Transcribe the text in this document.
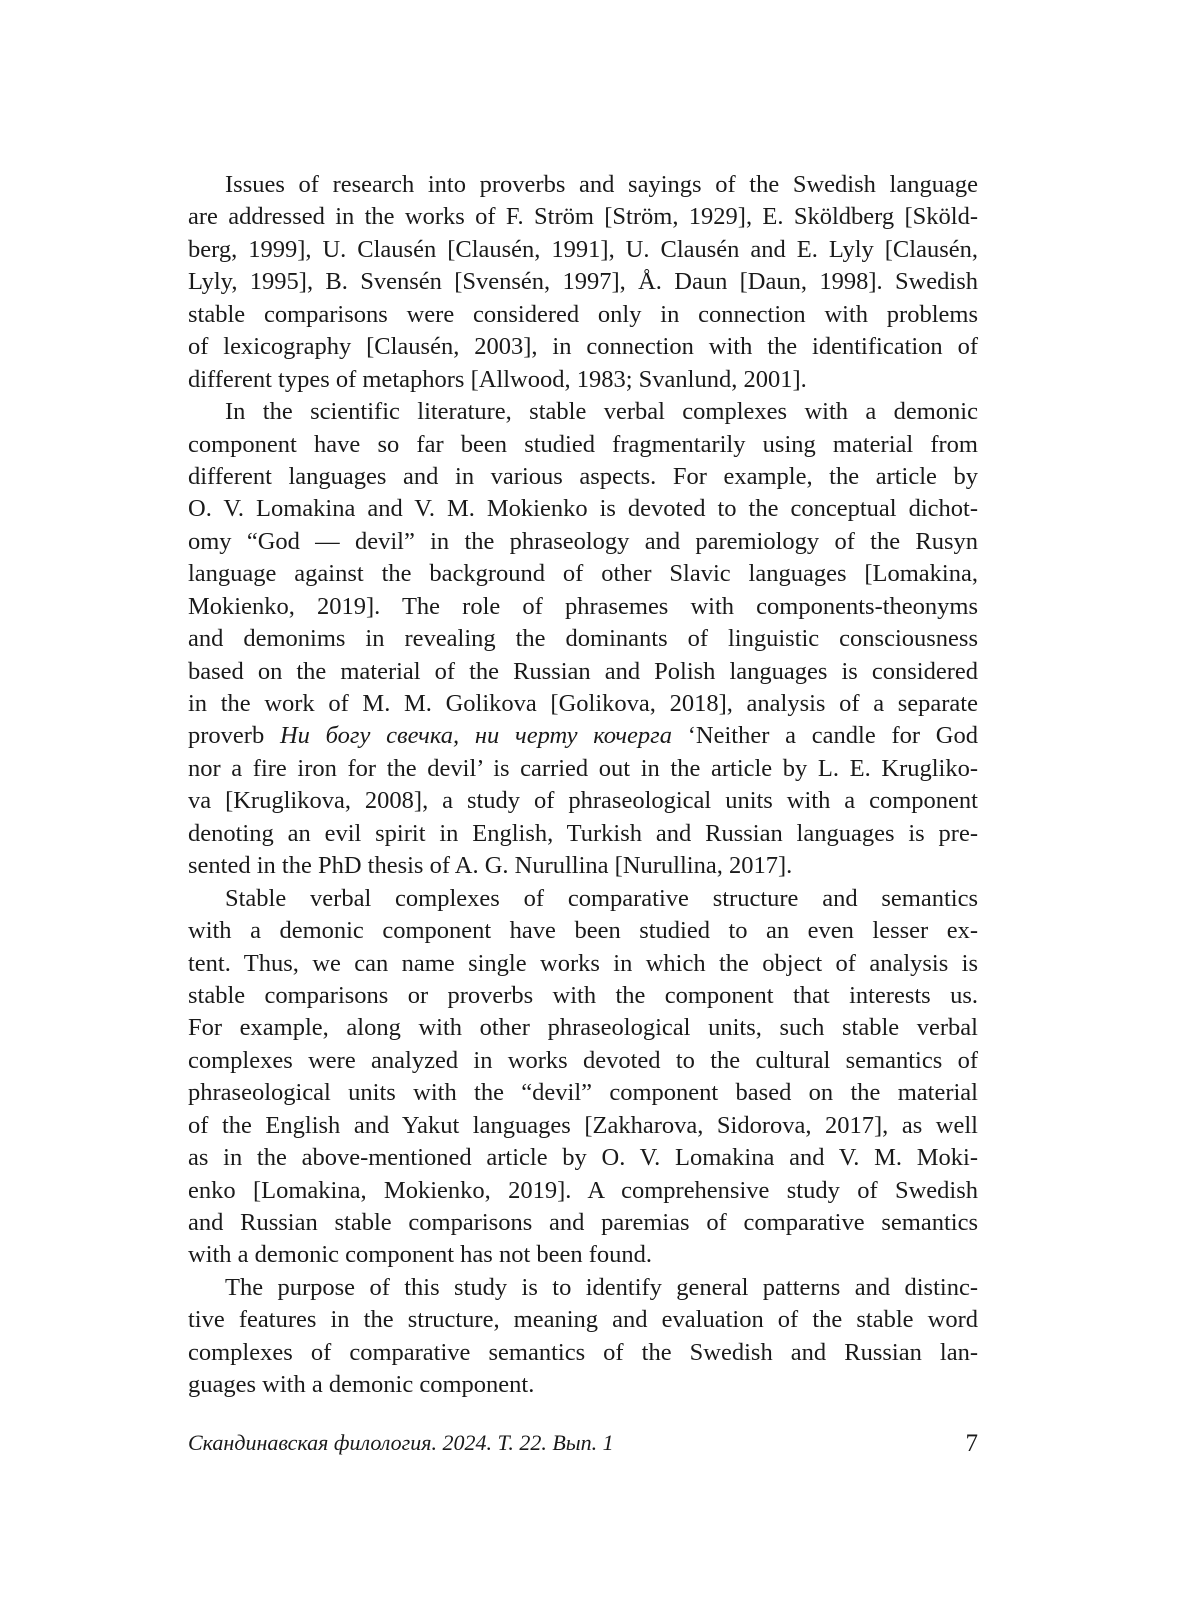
Issues of research into proverbs and sayings of the Swedish language
are addressed in the works of F. Ström [Ström, 1929], E. Sköldberg [Sköld-
berg, 1999], U. Clausén [Clausén, 1991], U. Clausén and E. Lyly [Clausén,
Lyly, 1995], B. Svensén [Svensén, 1997], Å. Daun [Daun, 1998]. Swedish
stable comparisons were considered only in connection with problems
of lexicography [Clausén, 2003], in connection with the identification of
different types of metaphors [Allwood, 1983; Svanlund, 2001].
In the scientific literature, stable verbal complexes with a demonic
component have so far been studied fragmentarily using material from
different languages and in various aspects. For example, the article by
O. V. Lomakina and V. M. Mokienko is devoted to the conceptual dichot-
omy “God — devil” in the phraseology and paremiology of the Rusyn
language against the background of other Slavic languages [Lomakina,
Mokienko, 2019]. The role of phrasemes with components-theonyms
and demonims in revealing the dominants of linguistic consciousness
based on the material of the Russian and Polish languages is considered
in the work of M. M. Golikova [Golikova, 2018], analysis of a separate
proverb Ни богу свечка, ни черту кочерга ‘Neither a candle for God
nor a fire iron for the devil’ is carried out in the article by L. E. Krugliko-
va [Kruglikova, 2008], a study of phraseological units with a component
denoting an evil spirit in English, Turkish and Russian languages is pre-
sented in the PhD thesis of A. G. Nurullina [Nurullina, 2017].
Stable verbal complexes of comparative structure and semantics
with a demonic component have been studied to an even lesser ex-
tent. Thus, we can name single works in which the object of analysis is
stable comparisons or proverbs with the component that interests us.
For example, along with other phraseological units, such stable verbal
complexes were analyzed in works devoted to the cultural semantics of
phraseological units with the “devil” component based on the material
of the English and Yakut languages [Zakharova, Sidorova, 2017], as well
as in the above-mentioned article by O. V. Lomakina and V. M. Moki-
enko [Lomakina, Mokienko, 2019]. A comprehensive study of Swedish
and Russian stable comparisons and paremias of comparative semantics
with a demonic component has not been found.
The purpose of this study is to identify general patterns and distinc-
tive features in the structure, meaning and evaluation of the stable word
complexes of comparative semantics of the Swedish and Russian lan-
guages with a demonic component.
Скандинавская филология. 2024. Т. 22. Вып. 1	7
